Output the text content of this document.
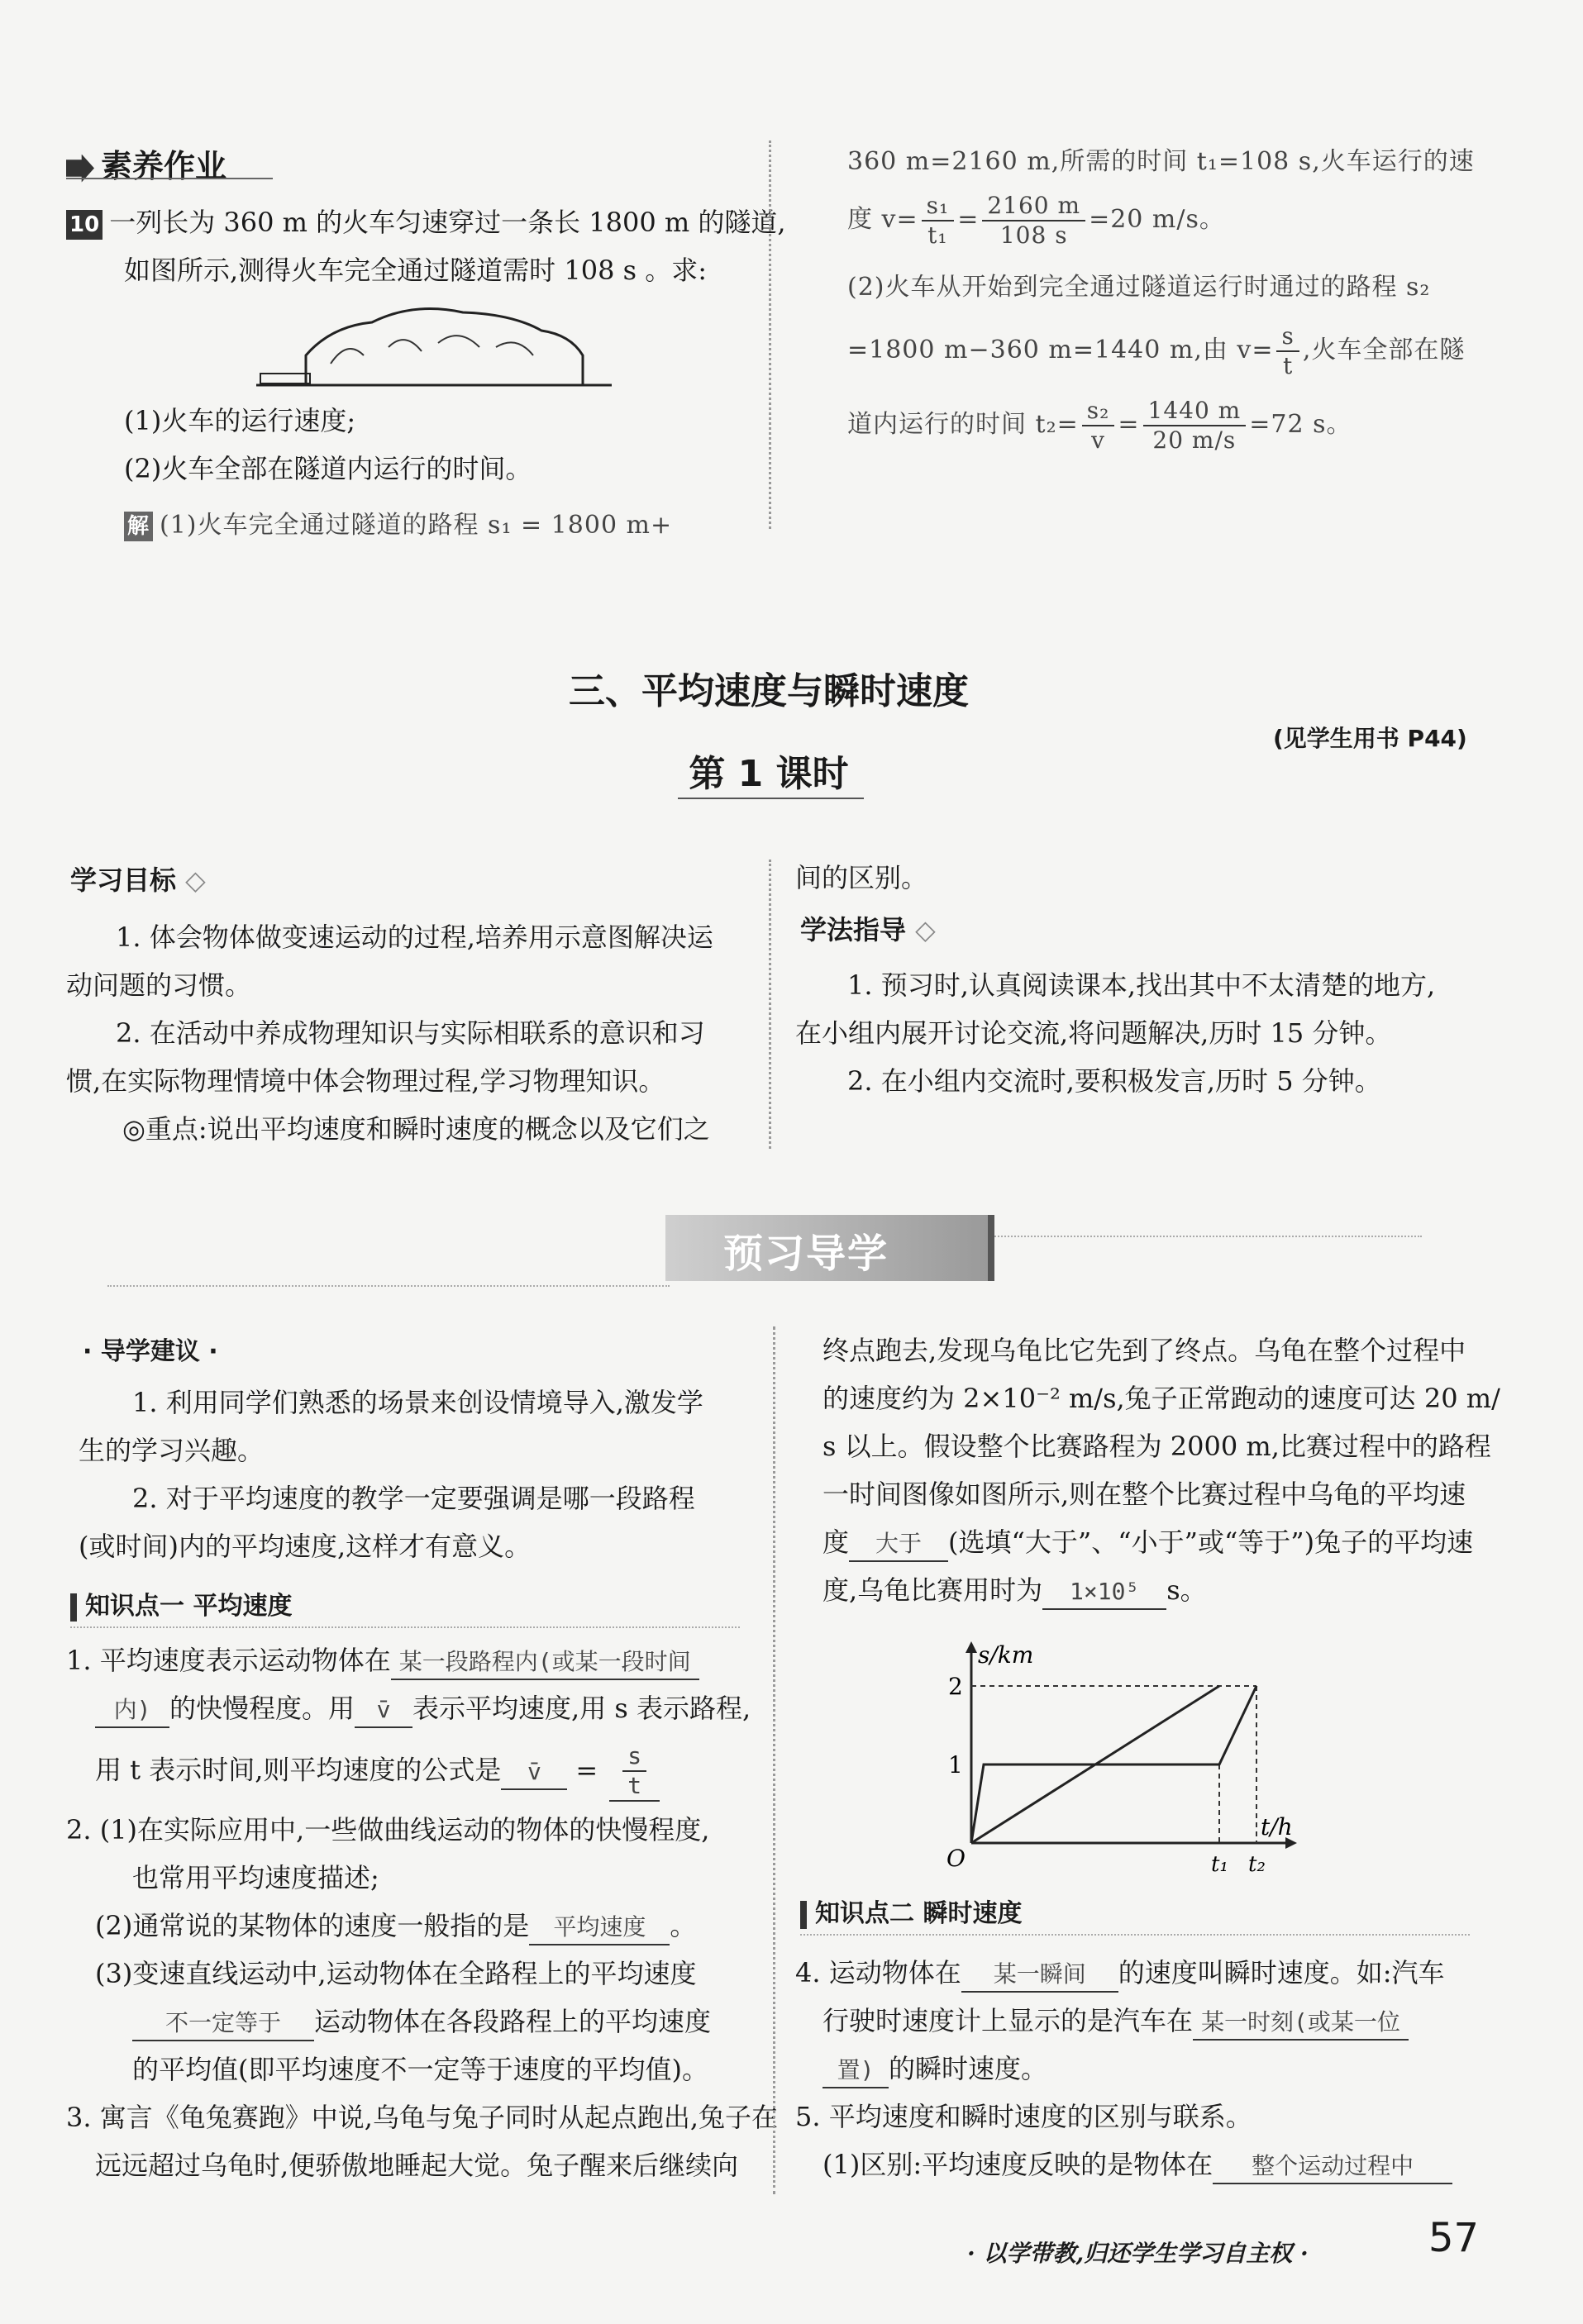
素养作业
10 一列长为 360 m 的火车匀速穿过一条长 1800 m 的隧道,
如图所示,测得火车完全通过隧道需时 108 s 。求:
(1)火车的运行速度;
(2)火车全部在隧道内运行的时间。
解 (1)火车完全通过隧道的路程 s₁ = 1800 m+
360 m=2160 m,所需的时间 t₁=108 s,火车运行的速
度 $v= \frac{\text{s₁}}{\text{t₁}} = \frac{2160 m}{108 s} =20$ m/s。
(2)火车从开始到完全通过隧道运行时通过的路程 s₂
=1800 m−360 m=1440 m,由 $v= \frac{s}{t}$ ,火车全部在隧
道内运行的时间 $t_2= \frac{\text{s₂}}{v} = \frac{1440 m}{20 m/s} =72$ s。
三、平均速度与瞬时速度
(见学生用书 P44)
第 1 课时
学习目标 ◇
1. 体会物体做变速运动的过程,培养用示意图解决运
动问题的习惯。
2. 在活动中养成物理知识与实际相联系的意识和习
惯,在实际物理情境中体会物理过程,学习物理知识。
◎重点:说出平均速度和瞬时速度的概念以及它们之
间的区别。
学法指导 ◇
1. 预习时,认真阅读课本,找出其中不太清楚的地方,
在小组内展开讨论交流,将问题解决,历时 15 分钟。
2. 在小组内交流时,要积极发言,历时 5 分钟。
预习导学
· 导学建议 ·
1. 利用同学们熟悉的场景来创设情境导入,激发学
生的学习兴趣。
2. 对于平均速度的教学一定要强调是哪一段路程
(或时间)内的平均速度,这样才有意义。
知识点一 平均速度
1. 平均速度表示运动物体在 某一段路程内(或某一段时间
内) 的快慢程度。用 v̄ 表示平均速度,用 s 表示路程,
用 t 表示时间,则平均速度的公式是 v̄ = $\frac{s}{t}$
2. (1)在实际应用中,一些做曲线运动的物体的快慢程度,
也常用平均速度描述;
(2)通常说的某物体的速度一般指的是 平均速度 。
(3)变速直线运动中,运动物体在全路程上的平均速度
不一定等于 运动物体在各段路程上的平均速度
的平均值(即平均速度不一定等于速度的平均值)。
3. 寓言《龟兔赛跑》中说,乌龟与兔子同时从起点跑出,兔子在
远远超过乌龟时,便骄傲地睡起大觉。兔子醒来后继续向
终点跑去,发现乌龟比它先到了终点。乌龟在整个过程中
的速度约为 2×10⁻² m/s,兔子正常跑动的速度可达 20 m/
s 以上。假设整个比赛路程为 2000 m,比赛过程中的路程
一时间图像如图所示,则在整个比赛过程中乌龟的平均速
度 大于 (选填“大于”、“小于”或“等于”)兔子的平均速
度,乌龟比赛用时为 1×10⁵ s。
s/km
t/h
O
1
2
t₁ t₂
知识点二 瞬时速度
4. 运动物体在 某一瞬间 的速度叫瞬时速度。如:汽车
行驶时速度计上显示的是汽车在 某一时刻(或某一位
置) 的瞬时速度。
5. 平均速度和瞬时速度的区别与联系。
(1)区别:平均速度反映的是物体在 整个运动过程中
· 以学带教,归还学生学习自主权 ·	57
